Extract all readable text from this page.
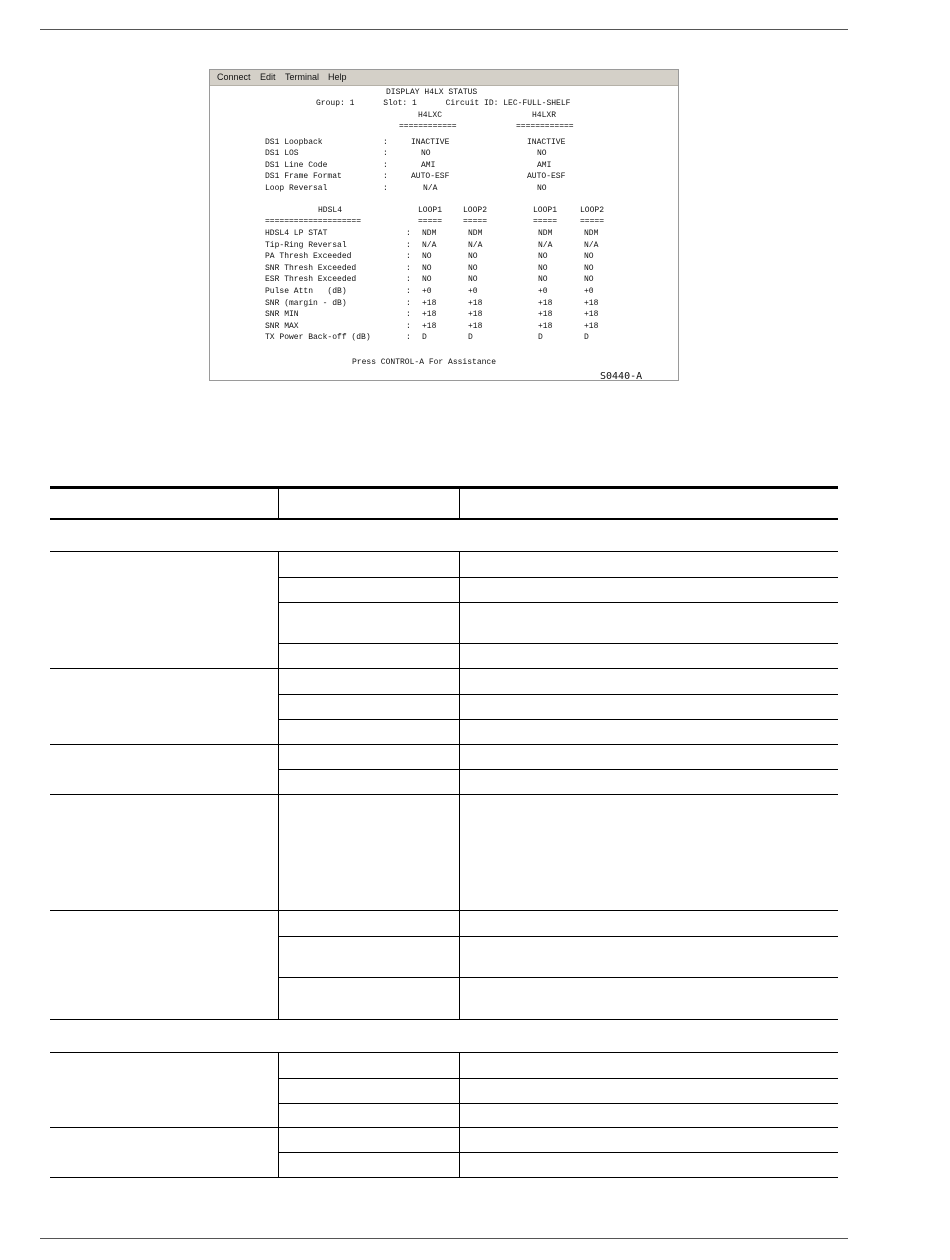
Connect Edit Terminal Help
DISPLAY H4LX STATUS
Group: 1      Slot: 1      Circuit ID: LEC-FULL-SHELF
H4LXC	H4LXR
============	============
DS1 Loopback	:	INACTIVE	INACTIVE
DS1 LOS	:	NO	NO
DS1 Line Code	:	AMI	AMI
DS1 Frame Format	:	AUTO-ESF	AUTO-ESF
Loop Reversal	:	N/A	NO
HDSL4	LOOP1	LOOP2	LOOP1	LOOP2
====================	=====	=====	=====	=====
HDSL4 LP STAT	: NDM	NDM	NDM	NDM
Tip-Ring Reversal	: N/A	N/A	N/A	N/A
PA Thresh Exceeded	: NO	NO	NO	NO
SNR Thresh Exceeded	: NO	NO	NO	NO
ESR Thresh Exceeded	: NO	NO	NO	NO
Pulse Attn   (dB)	: +0	+0	+0	+0
SNR (margin - dB)	: +18	+18	+18	+18
SNR MIN	: +18	+18	+18	+18
SNR MAX	: +18	+18	+18	+18
TX Power Back-off (dB)	: D	D	D	D
Press CONTROL-A For Assistance
S0440-A
